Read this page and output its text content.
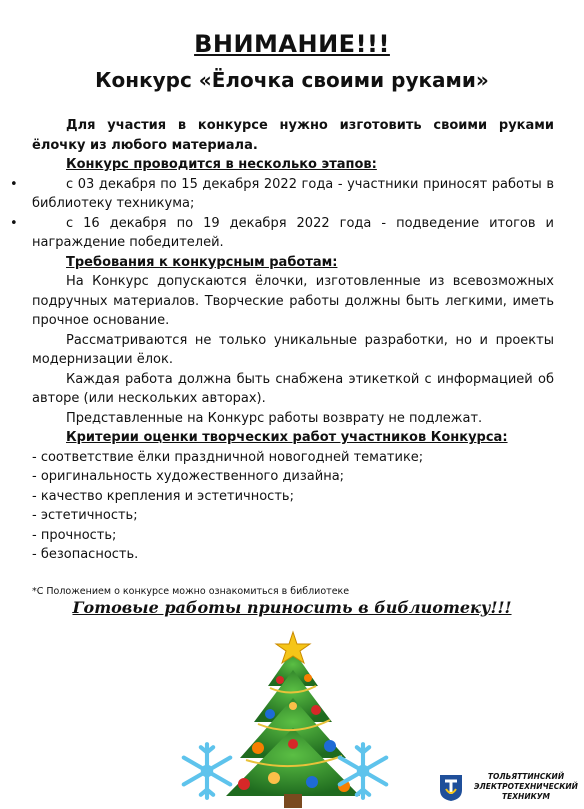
ВНИМАНИЕ!!!
Конкурс «Ёлочка своими руками»

Для участия в конкурсе нужно изготовить своими руками ёлочку из любого материала.

Конкурс проводится в несколько этапов:

•	с 03 декабря по 15 декабря 2022 года - участники приносят работы в библиотеку техникума;
•	с 16 декабря по 19 декабря 2022 года - подведение итогов и награждение победителей.

Требования к конкурсным работам:

На Конкурс допускаются ёлочки, изготовленные из всевозможных подручных материалов. Творческие работы должны быть легкими, иметь прочное основание.

Рассматриваются не только уникальные разработки, но и проекты модернизации ёлок.

Каждая работа должна быть снабжена этикеткой с информацией об авторе (или нескольких авторах).

Представленные на Конкурс работы возврату не подлежат.

Критерии оценки творческих работ участников Конкурса:

- соответствие ёлки праздничной новогодней тематике;

- оригинальность художественного дизайна;

- качество крепления и эстетичность;

- эстетичность;

- прочность;

- безопасность.

*С Положением о конкурсе можно ознакомиться в библиотеке
Готовые работы приносить в библиотеку!!!
ТОЛЬЯТТИНСКИЙ
ЭЛЕКТРОТЕХНИЧЕСКИЙ
ТЕХНИКУМ
